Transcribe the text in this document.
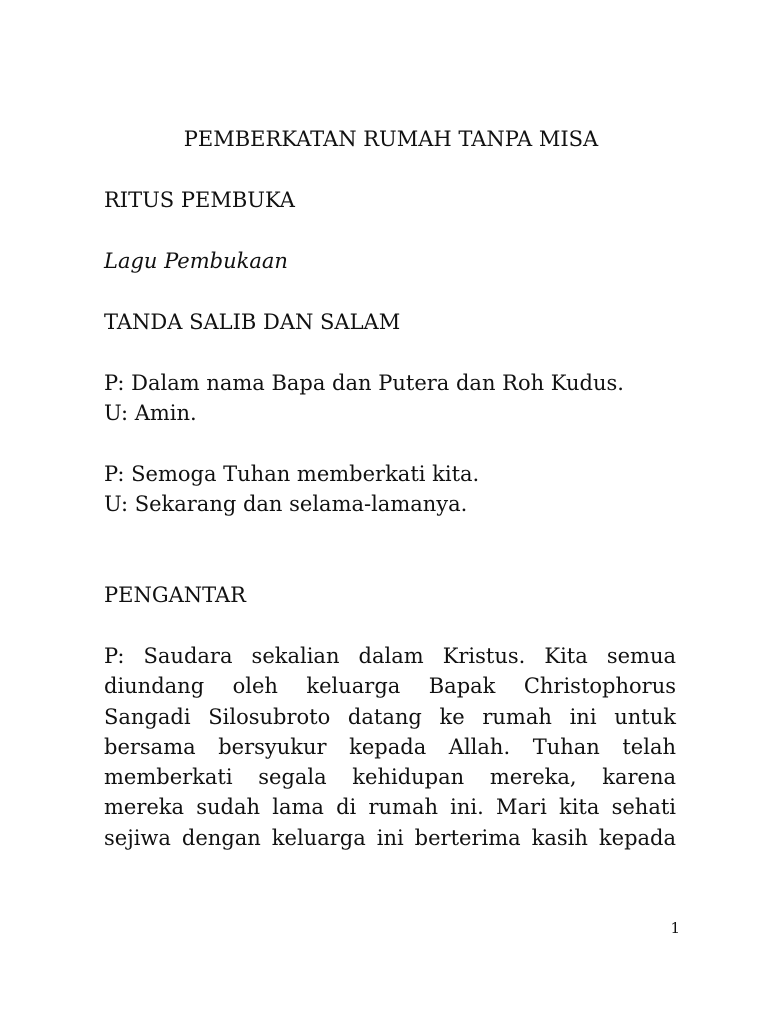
PEMBERKATAN RUMAH TANPA MISA
RITUS PEMBUKA

Lagu Pembukaan

TANDA SALIB DAN SALAM

P: Dalam nama Bapa dan Putera dan Roh Kudus.

U: Amin.

P: Semoga Tuhan memberkati kita.

U: Sekarang dan selama-lamanya.

PENGANTAR
P: Saudara sekalian dalam Kristus. Kita semua
diundang oleh keluarga Bapak Christophorus
Sangadi Silosubroto datang ke rumah ini untuk
bersama bersyukur kepada Allah. Tuhan telah
memberkati segala kehidupan mereka, karena
mereka sudah lama di rumah ini. Mari kita sehati
sejiwa dengan keluarga ini berterima kasih kepada

1
